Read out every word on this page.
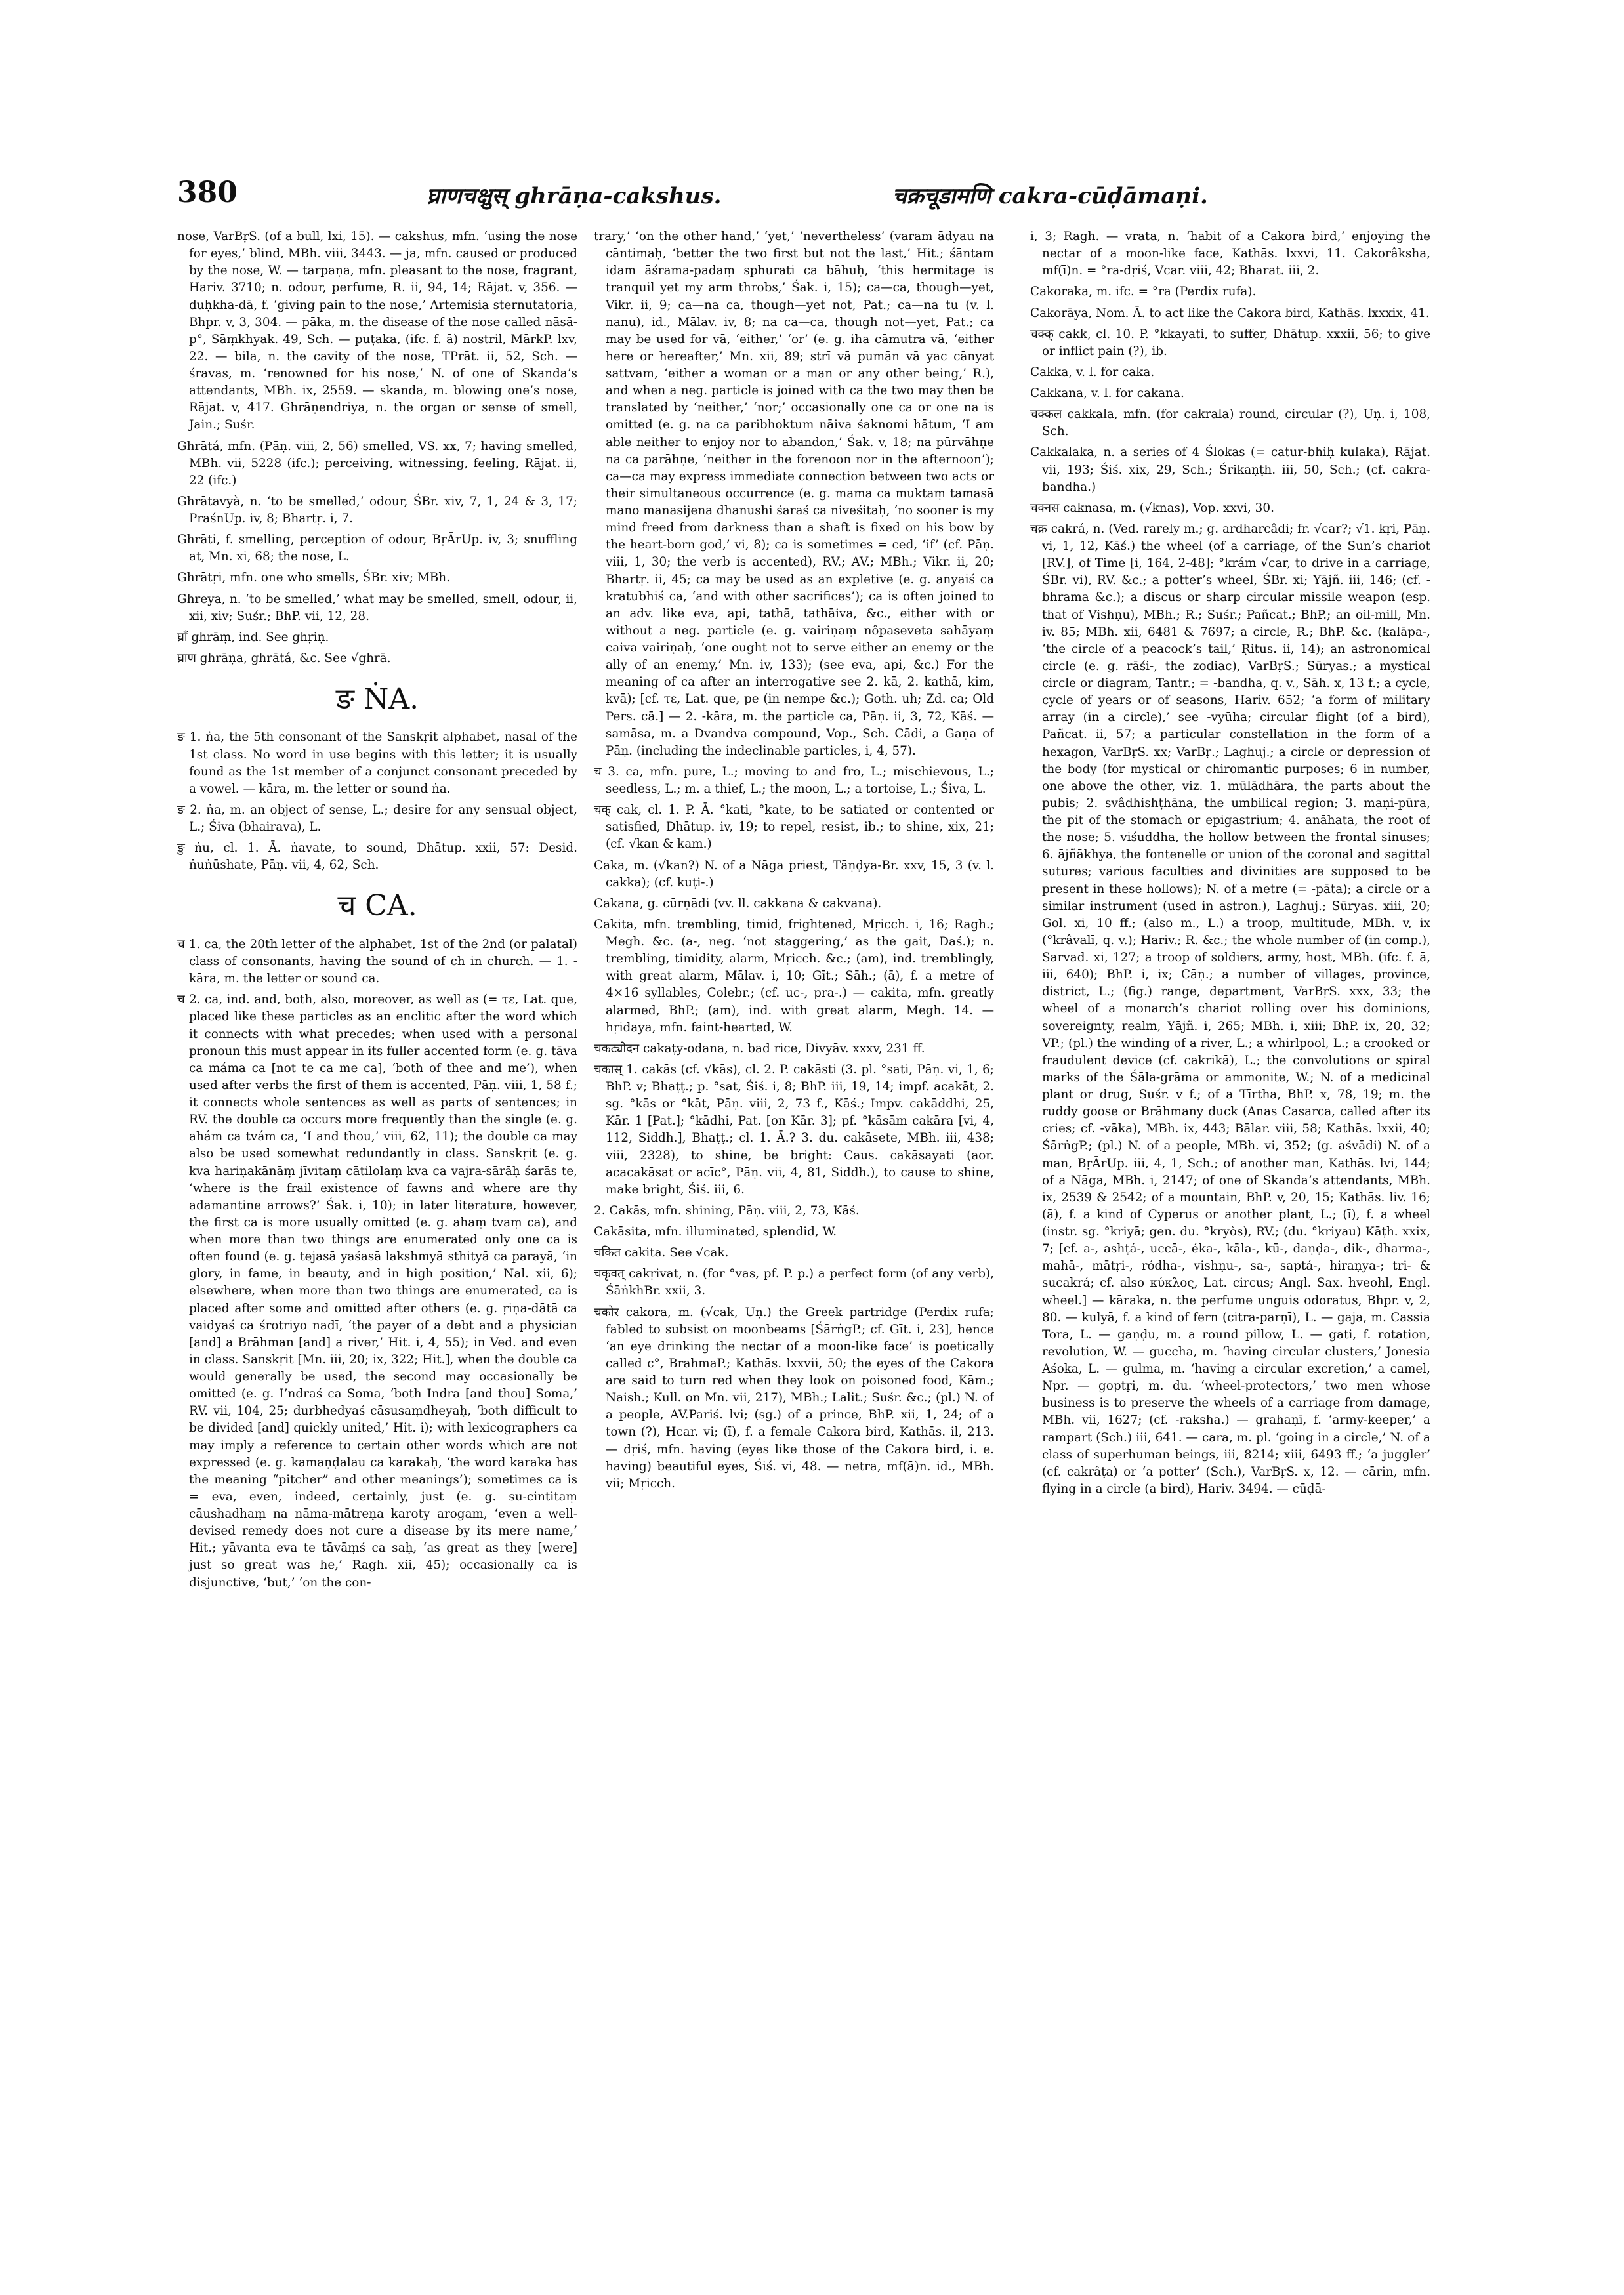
380	घ्राणचक्षुस् ghrāṇa-cakshus.	चक्रचूडामणि cakra-cūḍāmaṇi.

nose, VarBṛS. (of a bull, lxi, 15). — cakshus, mfn. ‘using the nose for eyes,’ blind, MBh. viii, 3443. — ja, mfn. caused or produced by the nose, W. — tarpaṇa, mfn. pleasant to the nose, fragrant, Hariv. 3710; n. odour, perfume, R. ii, 94, 14; Rājat. v, 356. — duḥkha-dā, f. ‘giving pain to the nose,’ Artemisia sternutatoria, Bhpr. v, 3, 304. — pāka, m. the disease of the nose called nāsā-p°, Sāṃkhyak. 49, Sch. — puṭaka, (ifc. f. ā) nostril, MārkP. lxv, 22. — bila, n. the cavity of the nose, TPrāt. ii, 52, Sch. — śravas, m. ‘renowned for his nose,’ N. of one of Skanda’s attendants, MBh. ix, 2559. — skanda, m. blowing one’s nose, Rājat. v, 417. Ghrāṇendriya, n. the organ or sense of smell, Jain.; Suśr.

Ghrātá, mfn. (Pāṇ. viii, 2, 56) smelled, VS. xx, 7; having smelled, MBh. vii, 5228 (ifc.); perceiving, witnessing, feeling, Rājat. ii, 22 (ifc.)

Ghrātavyà, n. ‘to be smelled,’ odour, ŚBr. xiv, 7, 1, 24 & 3, 17; PraśnUp. iv, 8; Bhartṛ. i, 7.

Ghrāti, f. smelling, perception of odour, BṛĀrUp. iv, 3; snuffling at, Mn. xi, 68; the nose, L.

Ghrātṛi, mfn. one who smells, ŚBr. xiv; MBh.

Ghreya, n. ‘to be smelled,’ what may be smelled, smell, odour, ii, xii, xiv; Suśr.; BhP. vii, 12, 28.

घ्राँ ghrāṃ, ind. See ghṛiṇ.

घ्राण ghrāṇa, ghrātá, &c. See √ghrā.

ङ ṄA.

ङ 1. ṅa, the 5th consonant of the Sanskṛit alphabet, nasal of the 1st class. No word in use begins with this letter; it is usually found as the 1st member of a conjunct consonant preceded by a vowel. — kāra, m. the letter or sound ṅa.

ङ 2. ṅa, m. an object of sense, L.; desire for any sensual object, L.; Śiva (bhairava), L.

ङु ṅu, cl. 1. Ā. ṅavate, to sound, Dhātup. xxii, 57: Desid. ṅuṅūshate, Pāṇ. vii, 4, 62, Sch.

च CA.

च 1. ca, the 20th letter of the alphabet, 1st of the 2nd (or palatal) class of consonants, having the sound of ch in church. — 1. -kāra, m. the letter or sound ca.

च 2. ca, ind. and, both, also, moreover, as well as (= τε, Lat. que, placed like these particles as an enclitic after the word which it connects with what precedes; when used with a personal pronoun this must appear in its fuller accented form (e. g. tāva ca máma ca [not te ca me ca], ‘both of thee and me’), when used after verbs the first of them is accented, Pāṇ. viii, 1, 58 f.; it connects whole sentences as well as parts of sentences; in RV. the double ca occurs more frequently than the single (e. g. ahám ca tvám ca, ‘I and thou,’ viii, 62, 11); the double ca may also be used somewhat redundantly in class. Sanskṛit (e. g. kva hariṇakānāṃ jīvitaṃ cātilolaṃ kva ca vajra-sārāḥ śarās te, ‘where is the frail existence of fawns and where are thy adamantine arrows?’ Śak. i, 10); in later literature, however, the first ca is more usually omitted (e. g. ahaṃ tvaṃ ca), and when more than two things are enumerated only one ca is often found (e. g. tejasā yaśasā lakshmyā sthityā ca parayā, ‘in glory, in fame, in beauty, and in high position,’ Nal. xii, 6); elsewhere, when more than two things are enumerated, ca is placed after some and omitted after others (e. g. ṛiṇa-dātā ca vaidyaś ca śrotriyo nadī, ‘the payer of a debt and a physician [and] a Brāhman [and] a river,’ Hit. i, 4, 55); in Ved. and even in class. Sanskṛit [Mn. iii, 20; ix, 322; Hit.], when the double ca would generally be used, the second may occasionally be omitted (e. g. I’ndraś ca Soma, ‘both Indra [and thou] Soma,’ RV. vii, 104, 25; durbhedyaś cāsusaṃdheyaḥ, ‘both difficult to be divided [and] quickly united,’ Hit. i); with lexicographers ca may imply a reference to certain other words which are not expressed (e. g. kamaṇḍalau ca karakaḥ, ‘the word karaka has the meaning “pitcher” and other meanings’); sometimes ca is = eva, even, indeed, certainly, just (e. g. su-cintitaṃ cāushadhaṃ na nāma-mātreṇa karoty arogam, ‘even a well-devised remedy does not cure a disease by its mere name,’ Hit.; yāvanta eva te tāvāṃś ca saḥ, ‘as great as they [were] just so great was he,’ Ragh. xii, 45); occasionally ca is disjunctive, ‘but,’ ‘on the con-

trary,’ ‘on the other hand,’ ‘yet,’ ‘nevertheless’ (varam ādyau na cāntimaḥ, ‘better the two first but not the last,’ Hit.; śāntam idam āśrama-padaṃ sphurati ca bāhuḥ, ‘this hermitage is tranquil yet my arm throbs,’ Śak. i, 15); ca—ca, though—yet, Vikr. ii, 9; ca—na ca, though—yet not, Pat.; ca—na tu (v. l. nanu), id., Mālav. iv, 8; na ca—ca, though not—yet, Pat.; ca may be used for vā, ‘either,’ ‘or’ (e. g. iha cāmutra vā, ‘either here or hereafter,’ Mn. xii, 89; strī vā pumān vā yac cānyat sattvam, ‘either a woman or a man or any other being,’ R.), and when a neg. particle is joined with ca the two may then be translated by ‘neither,’ ‘nor;’ occasionally one ca or one na is omitted (e. g. na ca paribhoktum nāiva śaknomi hātum, ‘I am able neither to enjoy nor to abandon,’ Śak. v, 18; na pūrvāhṇe na ca parāhṇe, ‘neither in the forenoon nor in the afternoon’); ca—ca may express immediate connection between two acts or their simultaneous occurrence (e. g. mama ca muktaṃ tamasā mano manasijena dhanushi śaraś ca niveśitaḥ, ‘no sooner is my mind freed from darkness than a shaft is fixed on his bow by the heart-born god,’ vi, 8); ca is sometimes = ced, ‘if’ (cf. Pāṇ. viii, 1, 30; the verb is accented), RV.; AV.; MBh.; Vikr. ii, 20; Bhartṛ. ii, 45; ca may be used as an expletive (e. g. anyaiś ca kratubhiś ca, ‘and with other sacrifices’); ca is often joined to an adv. like eva, api, tathā, tathāiva, &c., either with or without a neg. particle (e. g. vairiṇaṃ nôpaseveta sahāyaṃ caiva vairiṇaḥ, ‘one ought not to serve either an enemy or the ally of an enemy,’ Mn. iv, 133); (see eva, api, &c.) For the meaning of ca after an interrogative see 2. kā, 2. kathā, kim, kvā); [cf. τε, Lat. que, pe (in nempe &c.); Goth. uh; Zd. ca; Old Pers. cā.] — 2. -kāra, m. the particle ca, Pāṇ. ii, 3, 72, Kāś. — samāsa, m. a Dvandva compound, Vop., Sch. Cādi, a Gaṇa of Pāṇ. (including the indeclinable particles, i, 4, 57).

च 3. ca, mfn. pure, L.; moving to and fro, L.; mischievous, L.; seedless, L.; m. a thief, L.; the moon, L.; a tortoise, L.; Śiva, L.

चक् cak, cl. 1. P. Ā. °kati, °kate, to be satiated or contented or satisfied, Dhātup. iv, 19; to repel, resist, ib.; to shine, xix, 21; (cf. √kan & kam.)

Caka, m. (√kan?) N. of a Nāga priest, Tāṇḍya-Br. xxv, 15, 3 (v. l. cakka); (cf. kuṭi-.)

Cakana, g. cūrṇādi (vv. ll. cakkana & cakvana).

Cakita, mfn. trembling, timid, frightened, Mṛicch. i, 16; Ragh.; Megh. &c. (a-, neg. ‘not staggering,’ as the gait, Daś.); n. trembling, timidity, alarm, Mṛicch. &c.; (am), ind. tremblingly, with great alarm, Mālav. i, 10; Gīt.; Sāh.; (ā), f. a metre of 4×16 syllables, Colebr.; (cf. uc-, pra-.) — cakita, mfn. greatly alarmed, BhP.; (am), ind. with great alarm, Megh. 14. — hṛidaya, mfn. faint-hearted, W.

चकट्योदन cakaṭy-odana, n. bad rice, Divyāv. xxxv, 231 ff.

चकास् 1. cakās (cf. √kās), cl. 2. P. cakāsti (3. pl. °sati, Pāṇ. vi, 1, 6; BhP. v; Bhaṭṭ.; p. °sat, Śiś. i, 8; BhP. iii, 19, 14; impf. acakāt, 2. sg. °kās or °kāt, Pāṇ. viii, 2, 73 f., Kāś.; Impv. cakāddhi, 25, Kār. 1 [Pat.]; °kādhi, Pat. [on Kār. 3]; pf. °kāsām cakāra [vi, 4, 112, Siddh.], Bhaṭṭ.; cl. 1. Ā.? 3. du. cakāsete, MBh. iii, 438; viii, 2328), to shine, be bright: Caus. cakāsayati (aor. acacakāsat or acīc°, Pāṇ. vii, 4, 81, Siddh.), to cause to shine, make bright, Śiś. iii, 6.

2. Cakās, mfn. shining, Pāṇ. viii, 2, 73, Kāś.

Cakāsita, mfn. illuminated, splendid, W.

चकित cakita. See √cak.

चकृवत् cakṛivat, n. (for °vas, pf. P. p.) a perfect form (of any verb), ŚāṅkhBr. xxii, 3.

चकोर cakora, m. (√cak, Uṇ.) the Greek partridge (Perdix rufa; fabled to subsist on moonbeams [ŚārṅgP.; cf. Gīt. i, 23], hence ‘an eye drinking the nectar of a moon-like face’ is poetically called c°, BrahmaP.; Kathās. lxxvii, 50; the eyes of the Cakora are said to turn red when they look on poisoned food, Kām.; Naish.; Kull. on Mn. vii, 217), MBh.; Lalit.; Suśr. &c.; (pl.) N. of a people, AV.Pariś. lvi; (sg.) of a prince, BhP. xii, 1, 24; of a town (?), Hcar. vi; (ī), f. a female Cakora bird, Kathās. il, 213. — dṛiś, mfn. having (eyes like those of the Cakora bird, i. e. having) beautiful eyes, Śiś. vi, 48. — netra, mf(ā)n. id., MBh. vii; Mṛicch.

i, 3; Ragh. — vrata, n. ‘habit of a Cakora bird,’ enjoying the nectar of a moon-like face, Kathās. lxxvi, 11. Cakorâksha, mf(ī)n. = °ra-dṛiś, Vcar. viii, 42; Bharat. iii, 2.

Cakoraka, m. ifc. = °ra (Perdix rufa).

Cakorāya, Nom. Ā. to act like the Cakora bird, Kathās. lxxxix, 41.

चक्क् cakk, cl. 10. P. °kkayati, to suffer, Dhātup. xxxii, 56; to give or inflict pain (?), ib.

Cakka, v. l. for caka.

Cakkana, v. l. for cakana.

चक्कल cakkala, mfn. (for cakrala) round, circular (?), Uṇ. i, 108, Sch.

Cakkalaka, n. a series of 4 Ślokas (= catur-bhiḥ kulaka), Rājat. vii, 193; Śiś. xix, 29, Sch.; Śrikaṇṭh. iii, 50, Sch.; (cf. cakra-bandha.)

चक्नस caknasa, m. (√knas), Vop. xxvi, 30.

चक्र cakrá, n. (Ved. rarely m.; g. ardharcâdi; fr. √car?; √1. kṛi, Pāṇ. vi, 1, 12, Kāś.) the wheel (of a carriage, of the Sun’s chariot [RV.], of Time [i, 164, 2-48]; °krám √car, to drive in a carriage, ŚBr. vi), RV. &c.; a potter’s wheel, ŚBr. xi; Yājñ. iii, 146; (cf. -bhrama &c.); a discus or sharp circular missile weapon (esp. that of Vishṇu), MBh.; R.; Suśr.; Pañcat.; BhP.; an oil-mill, Mn. iv. 85; MBh. xii, 6481 & 7697; a circle, R.; BhP. &c. (kalāpa-, ‘the circle of a peacock’s tail,’ Ṛitus. ii, 14); an astronomical circle (e. g. rāśi-, the zodiac), VarBṛS.; Sūryas.; a mystical circle or diagram, Tantr.; = -bandha, q. v., Sāh. x, 13 f.; a cycle, cycle of years or of seasons, Hariv. 652; ‘a form of military array (in a circle),’ see -vyūha; circular flight (of a bird), Pañcat. ii, 57; a particular constellation in the form of a hexagon, VarBṛS. xx; VarBṛ.; Laghuj.; a circle or depression of the body (for mystical or chiromantic purposes; 6 in number, one above the other, viz. 1. mūlādhāra, the parts about the pubis; 2. svâdhishṭhāna, the umbilical region; 3. maṇi-pūra, the pit of the stomach or epigastrium; 4. anāhata, the root of the nose; 5. viśuddha, the hollow between the frontal sinuses; 6. ājñākhya, the fontenelle or union of the coronal and sagittal sutures; various faculties and divinities are supposed to be present in these hollows); N. of a metre (= -pāta); a circle or a similar instrument (used in astron.), Laghuj.; Sūryas. xiii, 20; Gol. xi, 10 ff.; (also m., L.) a troop, multitude, MBh. v, ix (°krâvalī, q. v.); Hariv.; R. &c.; the whole number of (in comp.), Sarvad. xi, 127; a troop of soldiers, army, host, MBh. (ifc. f. ā, iii, 640); BhP. i, ix; Cāṇ.; a number of villages, province, district, L.; (fig.) range, department, VarBṛS. xxx, 33; the wheel of a monarch’s chariot rolling over his dominions, sovereignty, realm, Yājñ. i, 265; MBh. i, xiii; BhP. ix, 20, 32; VP.; (pl.) the winding of a river, L.; a whirlpool, L.; a crooked or fraudulent device (cf. cakrikā), L.; the convolutions or spiral marks of the Śāla-grāma or ammonite, W.; N. of a medicinal plant or drug, Suśr. v f.; of a Tīrtha, BhP. x, 78, 19; m. the ruddy goose or Brāhmany duck (Anas Casarca, called after its cries; cf. -vāka), MBh. ix, 443; Bālar. viii, 58; Kathās. lxxii, 40; ŚārṅgP.; (pl.) N. of a people, MBh. vi, 352; (g. aśvādi) N. of a man, BṛĀrUp. iii, 4, 1, Sch.; of another man, Kathās. lvi, 144; of a Nāga, MBh. i, 2147; of one of Skanda’s attendants, MBh. ix, 2539 & 2542; of a mountain, BhP. v, 20, 15; Kathās. liv. 16; (ā), f. a kind of Cyperus or another plant, L.; (ī), f. a wheel (instr. sg. °kriyā; gen. du. °kryòs), RV.; (du. °kriyau) Kāṭh. xxix, 7; [cf. a-, ashṭá-, uccā-, éka-, kāla-, kū-, daṇḍa-, dik-, dharma-, mahā-, mātṛi-, ródha-, vishṇu-, sa-, saptá-, hiraṇya-; tri- & sucakrá; cf. also κύκλος, Lat. circus; Angl. Sax. hveohl, Engl. wheel.] — kāraka, n. the perfume unguis odoratus, Bhpr. v, 2, 80. — kulyā, f. a kind of fern (citra-parṇī), L. — gaja, m. Cassia Tora, L. — gaṇḍu, m. a round pillow, L. — gati, f. rotation, revolution, W. — guccha, m. ‘having circular clusters,’ Jonesia Aśoka, L. — gulma, m. ‘having a circular excretion,’ a camel, Npr. — goptṛi, m. du. ‘wheel-protectors,’ two men whose business is to preserve the wheels of a carriage from damage, MBh. vii, 1627; (cf. -raksha.) — grahaṇī, f. ‘army-keeper,’ a rampart (Sch.) iii, 641. — cara, m. pl. ‘going in a circle,’ N. of a class of superhuman beings, iii, 8214; xiii, 6493 ff.; ‘a juggler’ (cf. cakrâṭa) or ‘a potter’ (Sch.), VarBṛS. x, 12. — cārin, mfn. flying in a circle (a bird), Hariv. 3494. — cūḍā-
